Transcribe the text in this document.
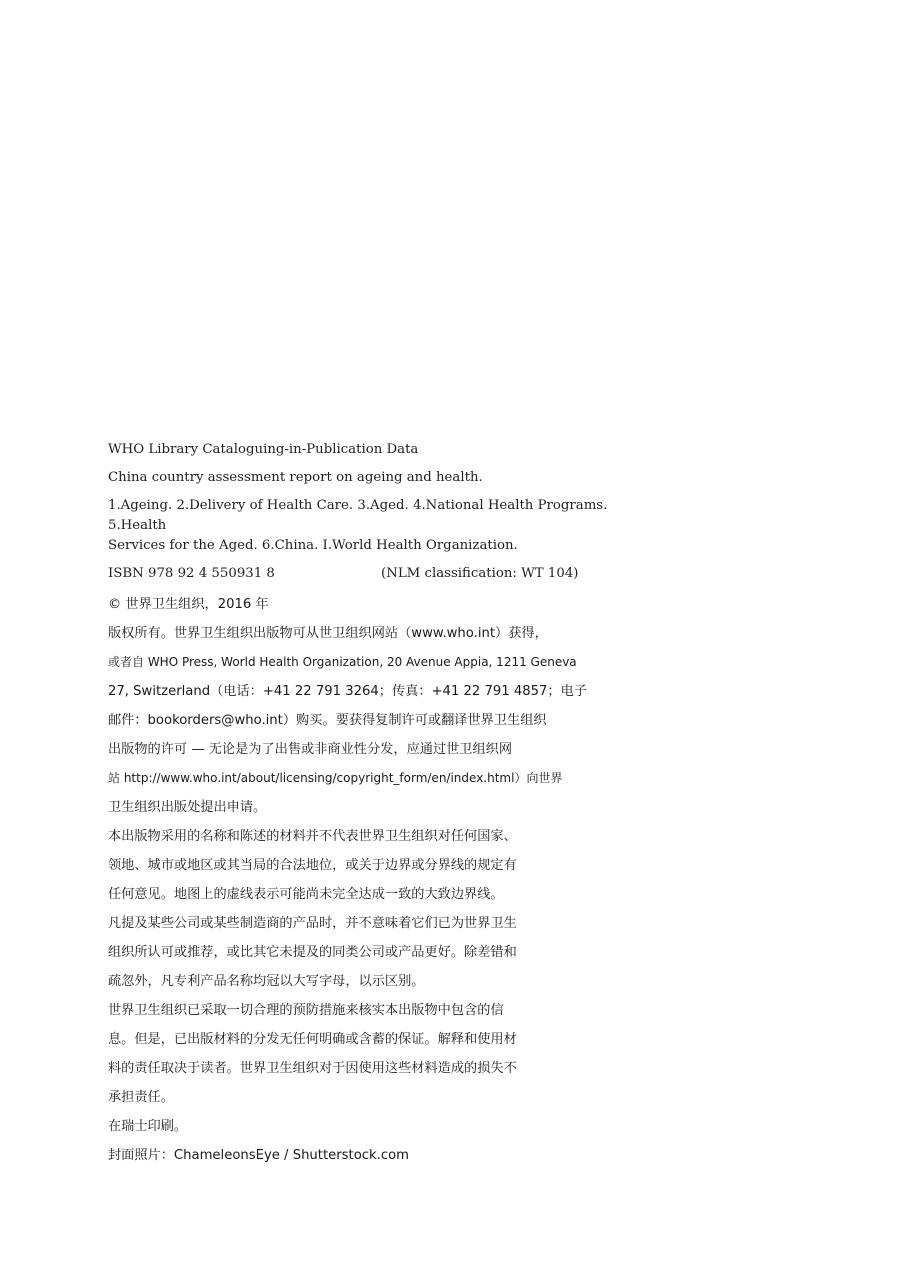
WHO Library Cataloguing-in-Publication Data

China country assessment report on ageing and health.

1.Ageing. 2.Delivery of Health Care. 3.Aged. 4.National Health Programs. 5.Health

Services for the Aged. 6.China. I.World Health Organization.

ISBN 978 92 4 550931 8	(NLM classification: WT 104)

© 世界卫生组织，2016 年

版权所有。世界卫生组织出版物可从世卫组织网站（www.who.int）获得，

或者自 WHO Press, World Health Organization, 20 Avenue Appia, 1211 Geneva

27, Switzerland（电话：+41 22 791 3264；传真：+41 22 791 4857；电子

邮件：bookorders@who.int）购买。要获得复制许可或翻译世界卫生组织

出版物的许可 — 无论是为了出售或非商业性分发，应通过世卫组织网

站 http://www.who.int/about/licensing/copyright_form/en/index.html）向世界

卫生组织出版处提出申请。

本出版物采用的名称和陈述的材料并不代表世界卫生组织对任何国家、

领地、城市或地区或其当局的合法地位，或关于边界或分界线的规定有

任何意见。地图上的虚线表示可能尚未完全达成一致的大致边界线。

凡提及某些公司或某些制造商的产品时，并不意味着它们已为世界卫生

组织所认可或推荐，或比其它未提及的同类公司或产品更好。除差错和

疏忽外，凡专利产品名称均冠以大写字母，以示区别。

世界卫生组织已采取一切合理的预防措施来核实本出版物中包含的信

息。但是，已出版材料的分发无任何明确或含蓄的保证。解释和使用材

料的责任取决于读者。世界卫生组织对于因使用这些材料造成的损失不

承担责任。

在瑞士印刷。

封面照片：ChameleonsEye / Shutterstock.com
